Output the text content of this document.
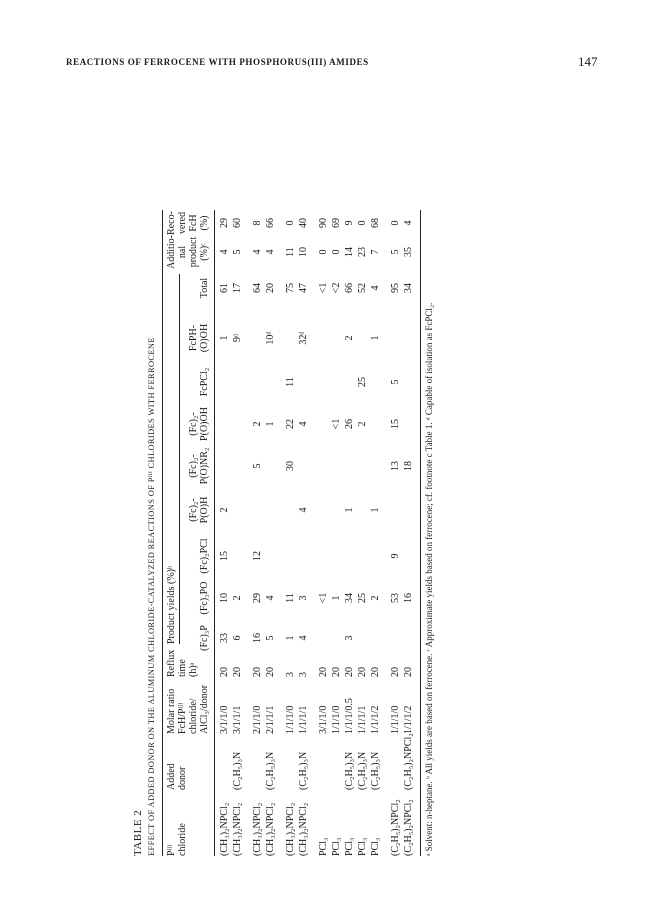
REACTIONS OF FERROCENE WITH PHOSPHORUS(III) AMIDES	147
TABLE 2 EFFECT OF ADDED DONOR ON THE ALUMINUM CHLORIDE-CATALYZED REACTIONS OF Pᴵᴵᴵ CHLORIDES WITH FERROCENE Pᴵᴵᴵ chloride
Added donor
Molar ratio FcH/Pᴵᴵᴵ chloride/ AlCl₃/donor
Reflux time (h)ᵃ
Product yields (%)ᵇ (Fc)₃P
(Fc)₃PO
(Fc)₂PCl
(Fc)₂- P(O)H
(Fc)₂- P(O)NR₂
(Fc)₂- P(O)OH
FcPCl₂
FcPH- (O)OH
Total
Additio- nal product (%)ᶜ
Reco- vered FcH (%)
(CH₃)₂NPCl₂
3/1/1/0
20
33
10
15
2
1
61
4
29
(CH₃)₂NPCl₂
(C₂H₅)₃N
3/1/1/1
20
6
2
9ᵈ
17
5
60
(CH₃)₂NPCl₂
2/1/1/0
20
16
29
12
5
2
64
4
8
(CH₃)₂NPCl₂
(C₂H₅)₃N
2/1/1/1
20
5
4
1
10ᵈ
20
4
66
(CH₃)₂NPCl₂
1/1/1/0
3
1
11
30
22
11
75
11
0
(CH₃)₂NPCl₂
(C₂H₅)₃N
1/1/1/1
3
4
3
4
4
32ᵈ
47
10
40
PCl₃
3/1/1/0
20
<1
<1
0
90
PCl₃
1/1/1/0
20
1
<1
<2
0
69
PCl₃
(C₂H₅)₃N
1/1/1/0.5
20
3
34
1
26
2
66
14
9
PCl₃
(C₂H₅)₃N
1/1/1/1
20
25
2
25
52
23
0
PCl₃
(C₂H₅)₃N
1/1/1/2
20
2
1
1
4
7
68
(C₂H₅)₂NPCl₂
1/1/1/0
20
53
9
13
15
5
95
5
0
(C₂H₅)₂NPCl₂
(C₂H₅)₂NPCl₂
1/1/1/2
20
16
18
34
35
4
ᵃ Solvent: n-heptane. ᵇ All yields are based on ferrocene. ᶜ Approximate yields based on ferrocene; cf. footnote c Table 1. ᵈ Capable of isolation as FcPCl₂.
